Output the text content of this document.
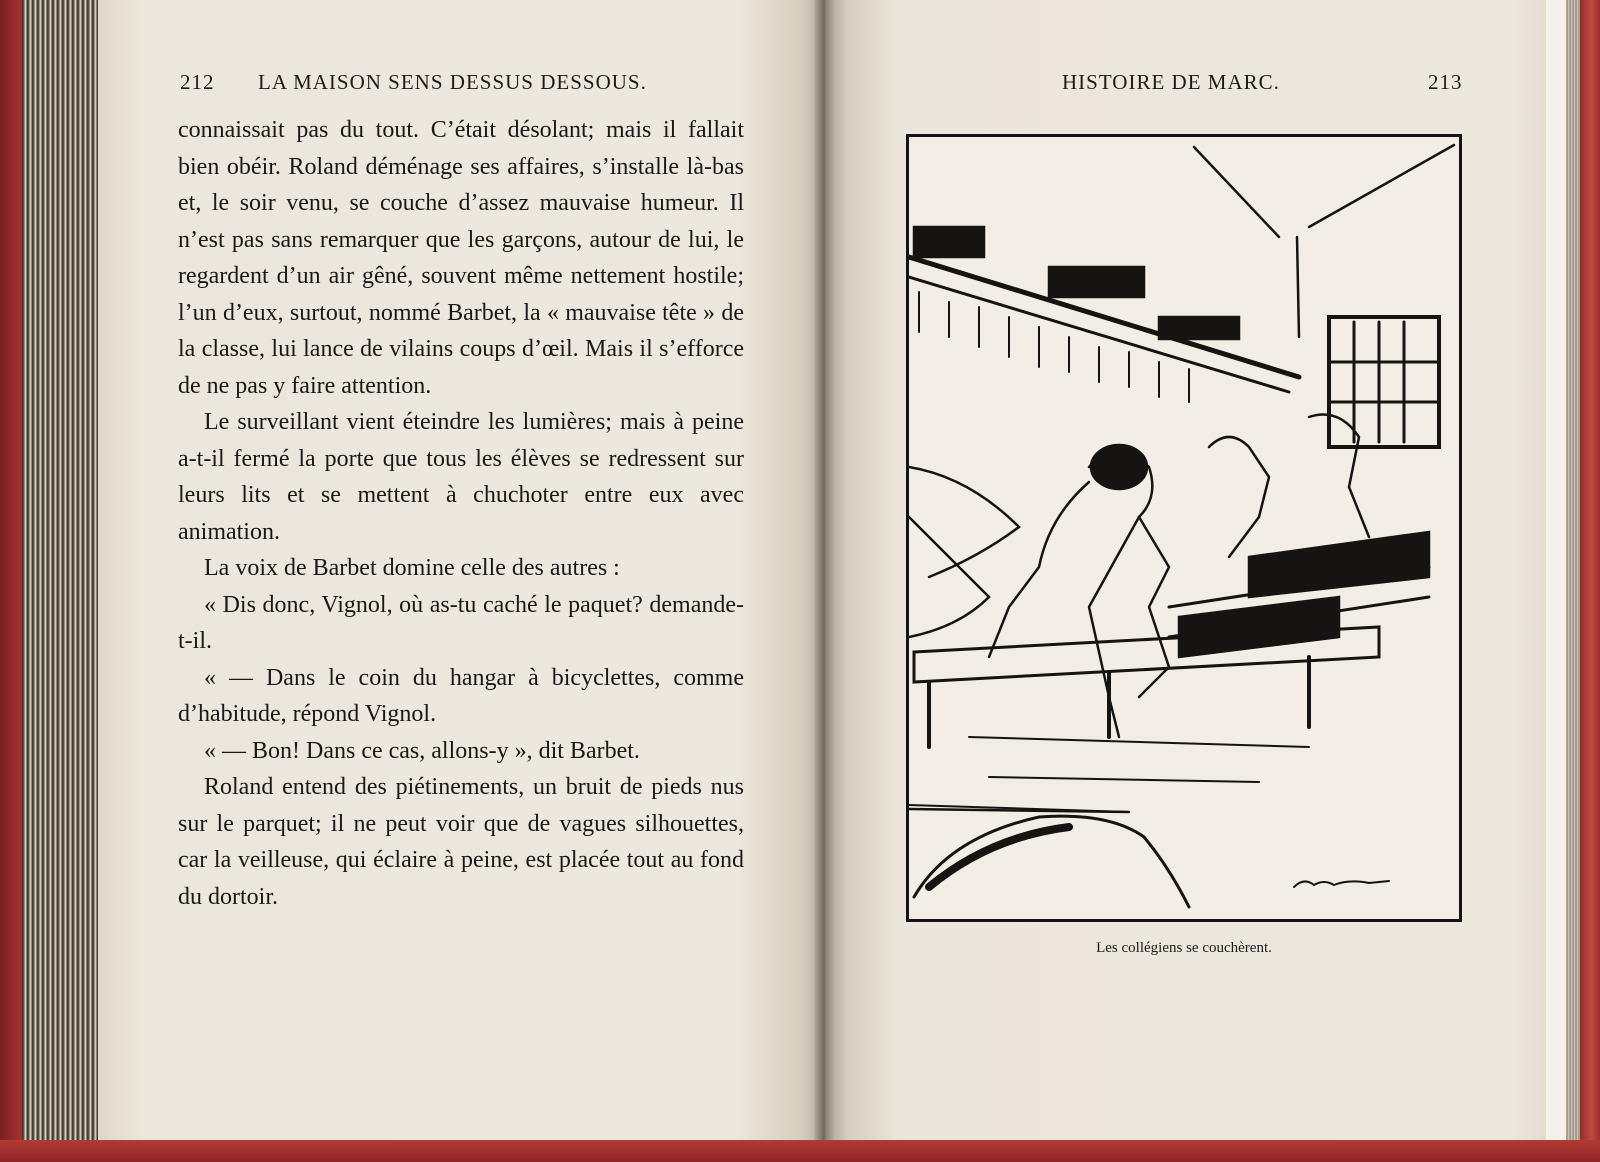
212 LA MAISON SENS DESSUS DESSOUS.

connaissait pas du tout. C’était désolant; mais il fallait bien obéir. Roland déménage ses affaires, s’installe là-bas et, le soir venu, se couche d’assez mauvaise humeur. Il n’est pas sans remarquer que les garçons, autour de lui, le regardent d’un air gêné, souvent même nettement hostile; l’un d’eux, surtout, nommé Barbet, la « mauvaise tête » de la classe, lui lance de vilains coups d’œil. Mais il s’efforce de ne pas y faire attention.

Le surveillant vient éteindre les lumières; mais à peine a-t-il fermé la porte que tous les élèves se redressent sur leurs lits et se mettent à chuchoter entre eux avec animation.

La voix de Barbet domine celle des autres :

« Dis donc, Vignol, où as-tu caché le paquet? demande-t-il.

« — Dans le coin du hangar à bicyclettes, comme d’habitude, répond Vignol.

« — Bon! Dans ce cas, allons-y », dit Barbet.

Roland entend des piétinements, un bruit de pieds nus sur le parquet; il ne peut voir que de vagues silhouettes, car la veilleuse, qui éclaire à peine, est placée tout au fond du dortoir.

HISTOIRE DE MARC.	213
Les collégiens se couchèrent.
